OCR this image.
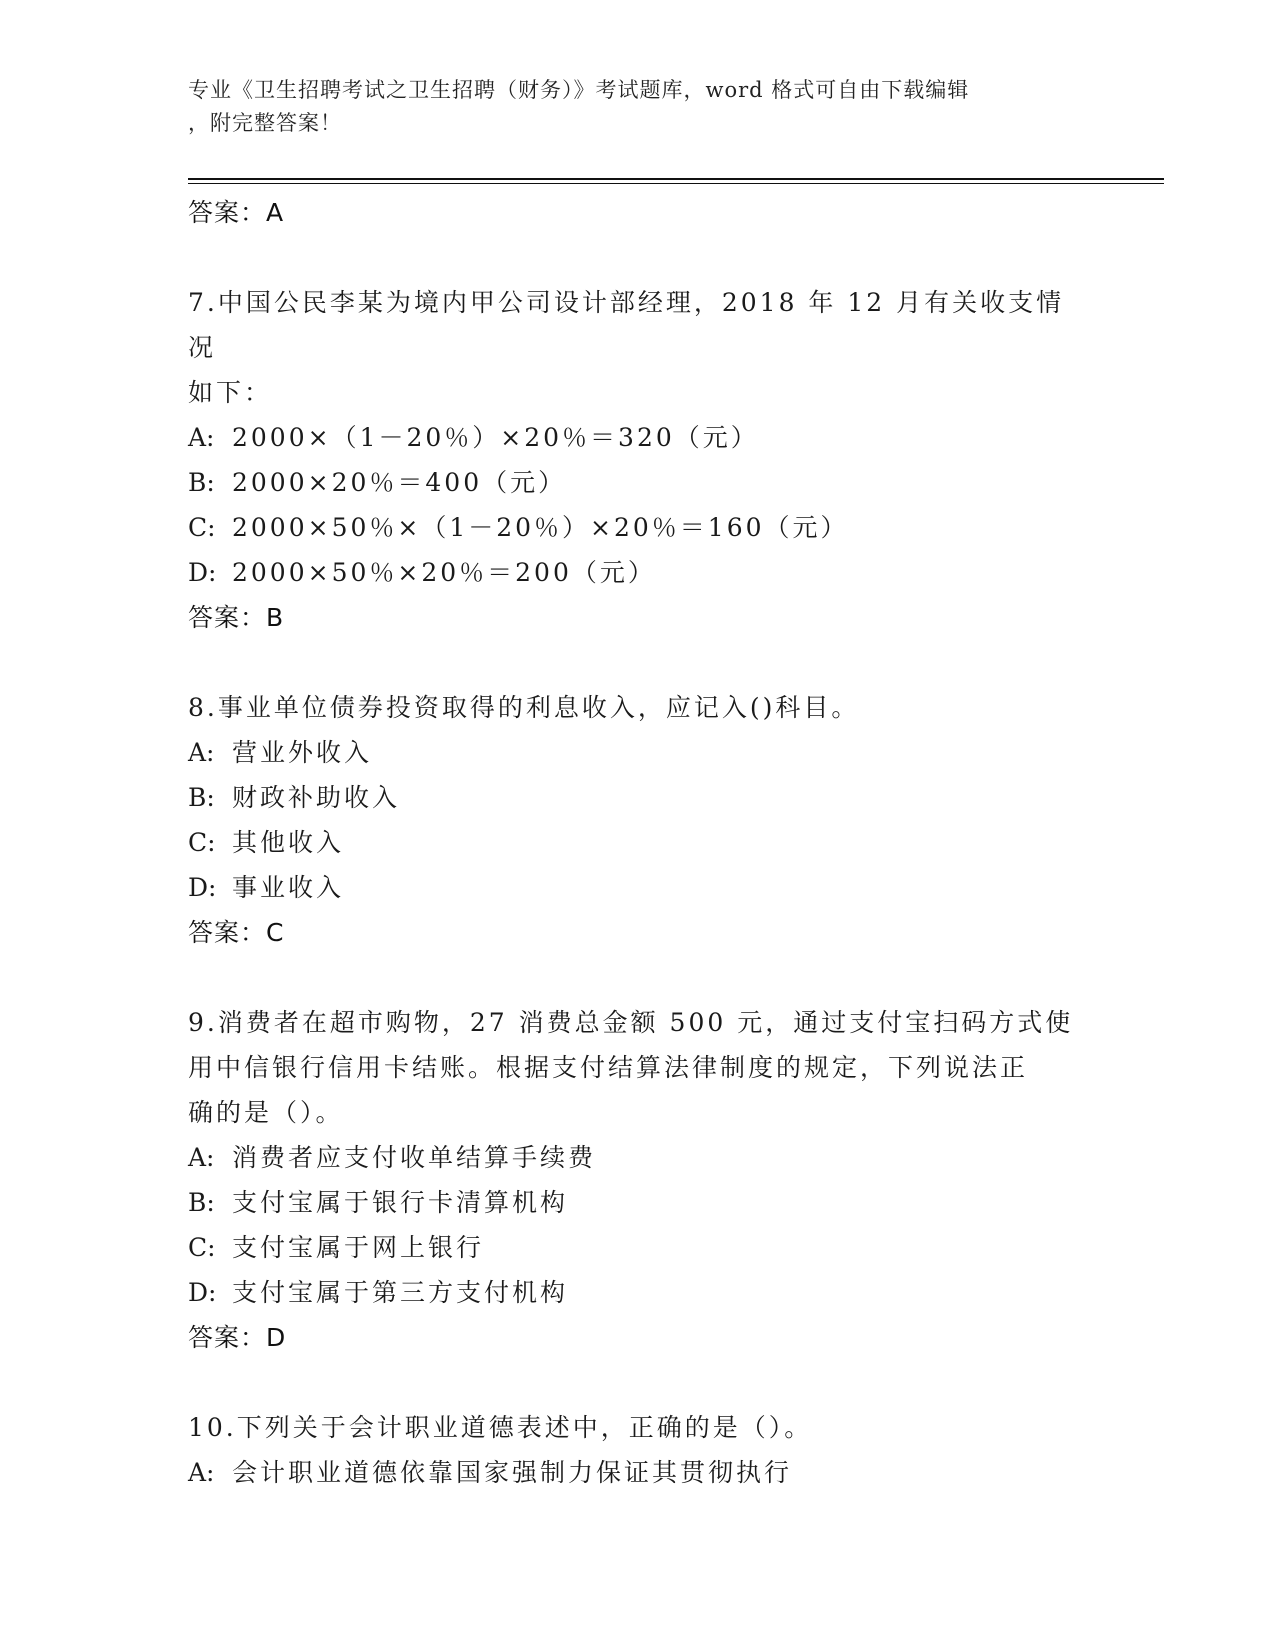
专业《卫生招聘考试之卫生招聘（财务）》考试题库，word 格式可自由下载编辑
，附完整答案！
答案：A
7.中国公民李某为境内甲公司设计部经理，2018 年 12 月有关收支情况
如下：
A: 2000×（1－20％）×20％＝320（元）
B: 2000×20％＝400（元）
C: 2000×50％×（1－20％）×20％＝160（元）
D: 2000×50％×20％＝200（元）
答案：B
8.事业单位债券投资取得的利息收入，应记入()科目。
A: 营业外收入
B: 财政补助收入
C: 其他收入
D: 事业收入
答案：C
9.消费者在超市购物，27 消费总金额 500 元，通过支付宝扫码方式使
用中信银行信用卡结账。根据支付结算法律制度的规定，下列说法正
确的是（）。
A: 消费者应支付收单结算手续费
B: 支付宝属于银行卡清算机构
C: 支付宝属于网上银行
D: 支付宝属于第三方支付机构
答案：D
10.下列关于会计职业道德表述中，正确的是（）。
A: 会计职业道德依靠国家强制力保证其贯彻执行
